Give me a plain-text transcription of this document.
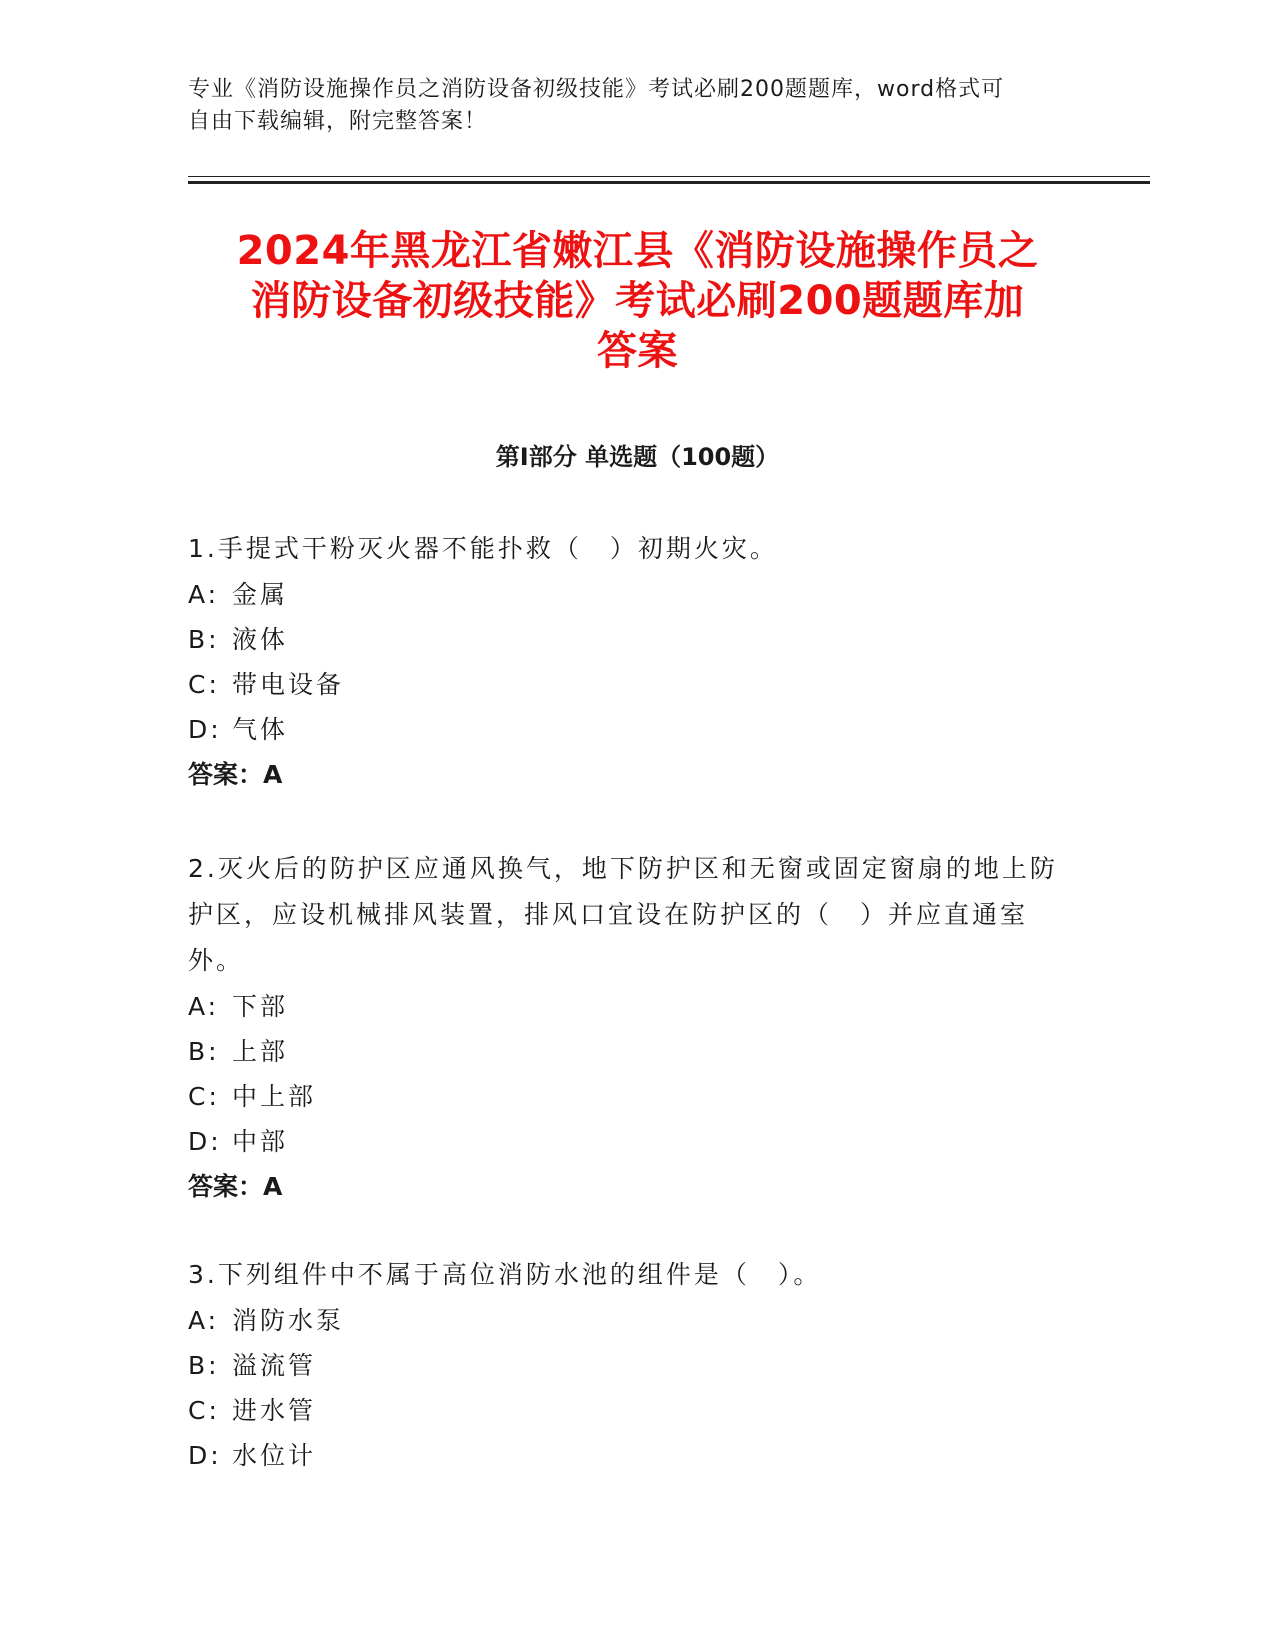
专业《消防设施操作员之消防设备初级技能》考试必刷200题题库，word格式可
自由下载编辑，附完整答案！
2024年黑龙江省嫩江县《消防设施操作员之
消防设备初级技能》考试必刷200题题库加
答案
第Ⅰ部分 单选题（100题）

1.手提式干粉灭火器不能扑救（　）初期火灾。

A: 金属

B: 液体

C: 带电设备

D: 气体

答案：A

2.灭火后的防护区应通风换气，地下防护区和无窗或固定窗扇的地上防护区，应设机械排风装置，排风口宜设在防护区的（　）并应直通室外。

A: 下部

B: 上部

C: 中上部

D: 中部

答案：A

3.下列组件中不属于高位消防水池的组件是（　）。

A: 消防水泵

B: 溢流管

C: 进水管

D: 水位计
